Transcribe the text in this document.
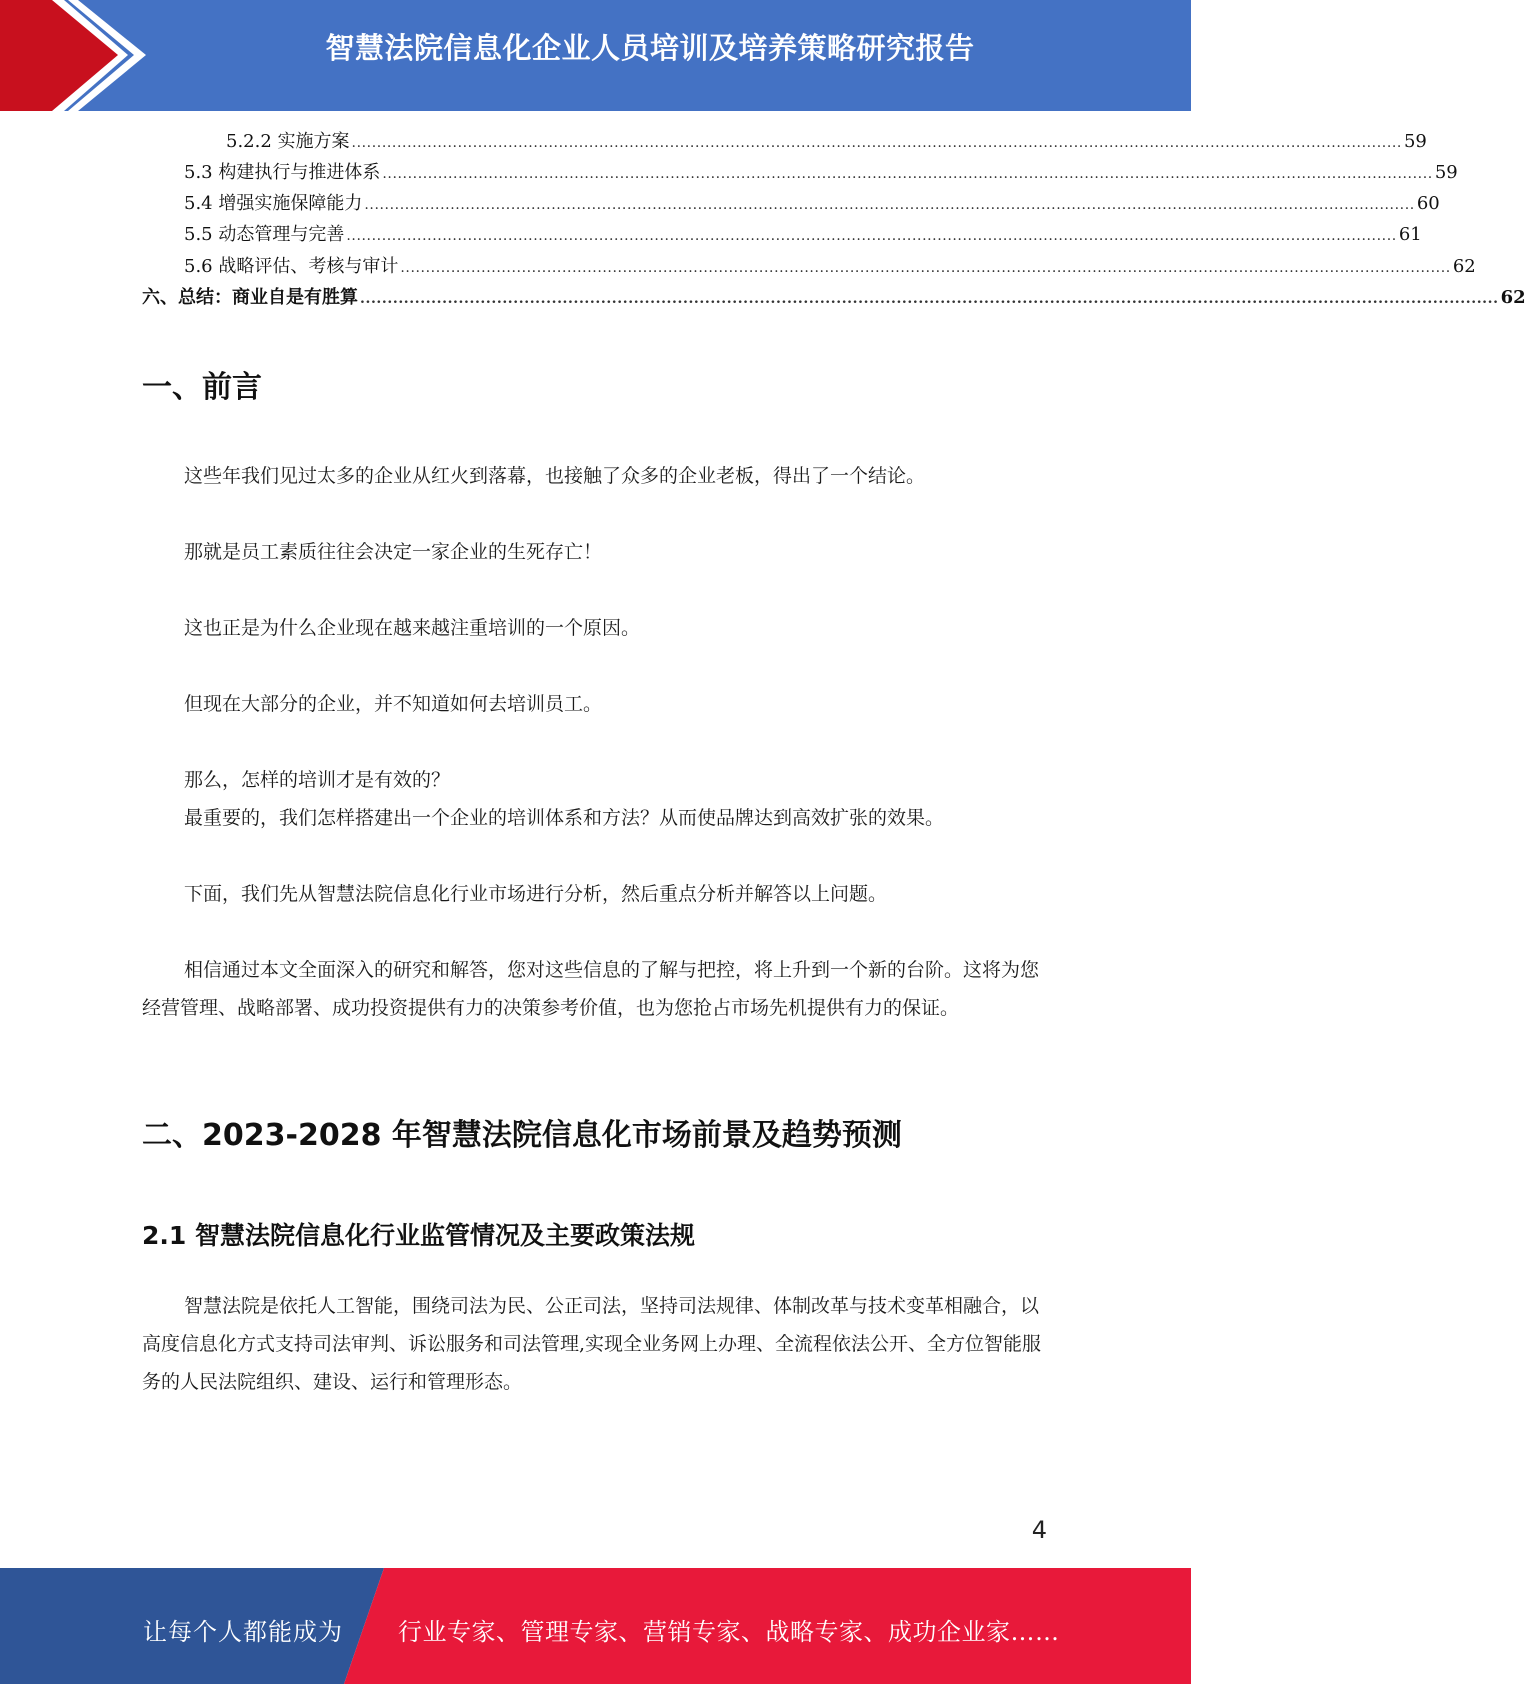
智慧法院信息化企业人员培训及培养策略研究报告
5.2.2 实施方案 ................................................................................................................................................................................................................ 59
5.3 构建执行与推进体系 ................................................................................................................................................................................................................ 59
5.4 增强实施保障能力 ................................................................................................................................................................................................................ 60
5.5 动态管理与完善 ................................................................................................................................................................................................................ 61
5.6 战略评估、考核与审计 ................................................................................................................................................................................................................ 62
六、总结：商业自是有胜算 ................................................................................................................................................................................................................ 62
一、前言

这些年我们见过太多的企业从红火到落幕，也接触了众多的企业老板，得出了一个结论。

那就是员工素质往往会决定一家企业的生死存亡！

这也正是为什么企业现在越来越注重培训的一个原因。

但现在大部分的企业，并不知道如何去培训员工。

那么，怎样的培训才是有效的？

最重要的，我们怎样搭建出一个企业的培训体系和方法？从而使品牌达到高效扩张的效果。

下面，我们先从智慧法院信息化行业市场进行分析，然后重点分析并解答以上问题。

相信通过本文全面深入的研究和解答，您对这些信息的了解与把控，将上升到一个新的台阶。这将为您经营管理、战略部署、成功投资提供有力的决策参考价值，也为您抢占市场先机提供有力的保证。

二、2023-2028 年智慧法院信息化市场前景及趋势预测
2.1 智慧法院信息化行业监管情况及主要政策法规

智慧法院是依托人工智能，围绕司法为民、公正司法，坚持司法规律、体制改革与技术变革相融合，以高度信息化方式支持司法审判、诉讼服务和司法管理,实现全业务网上办理、全流程依法公开、全方位智能服务的人民法院组织、建设、运行和管理形态。

4
让每个人都能成为 行业专家、管理专家、营销专家、战略专家、成功企业家……
